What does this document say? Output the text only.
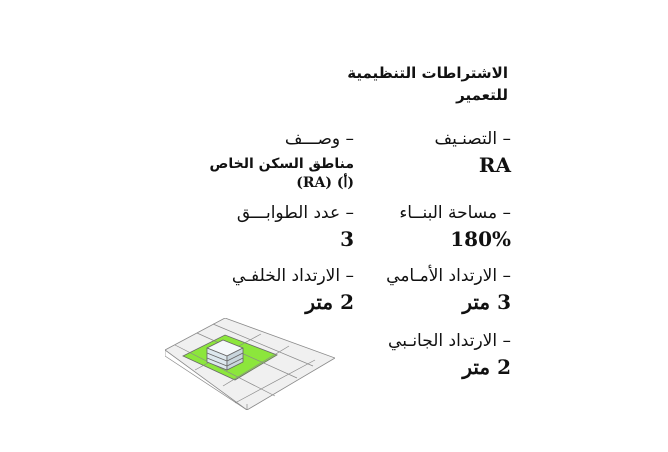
الاشتراطات التنظيمية
للتعمير
– التصنـيف
RA
– مساحة البنــاء
180%
– الارتداد الأمـامي
3 متر
– الارتداد الجانـبي
2 متر
– وصـــف
مناطق السكن الخاص
(أ) (RA)
– عدد الطوابـــق
3
– الارتداد الخلفـي
2 متر
